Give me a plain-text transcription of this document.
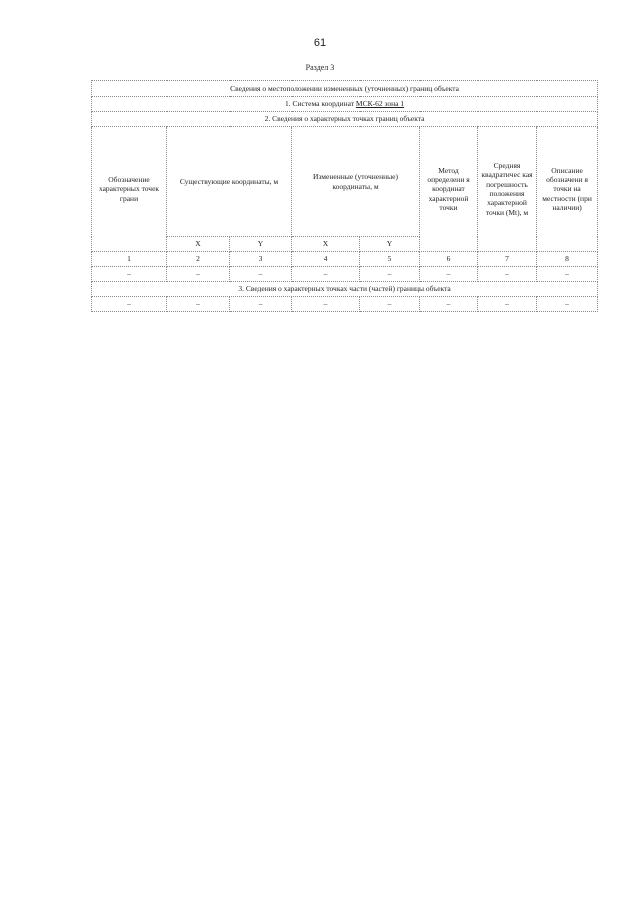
61
Раздел 3
Сведения о местоположении измененных (уточненных) границ объекта							
1. Система координат МСК-62 зона 1							
2. Сведения о характерных точках границ объекта							
Обозначение характерных точек грани	Существующие координаты, м		Измененные (уточненные) координаты, м		Метод определени я координат характерной точки	Средняя квадратичес кая погрешность положения характерной точки (Мt), м	Описание обозначени я точки на местности (при наличии)
	X	Y	X	Y			
1	2	3	4	5	6	7	8
–	–	–	–	–	–	–	–
3. Сведения о характерных точках части (частей) границы объекта							
–	–	–	–	–	–	–	–
